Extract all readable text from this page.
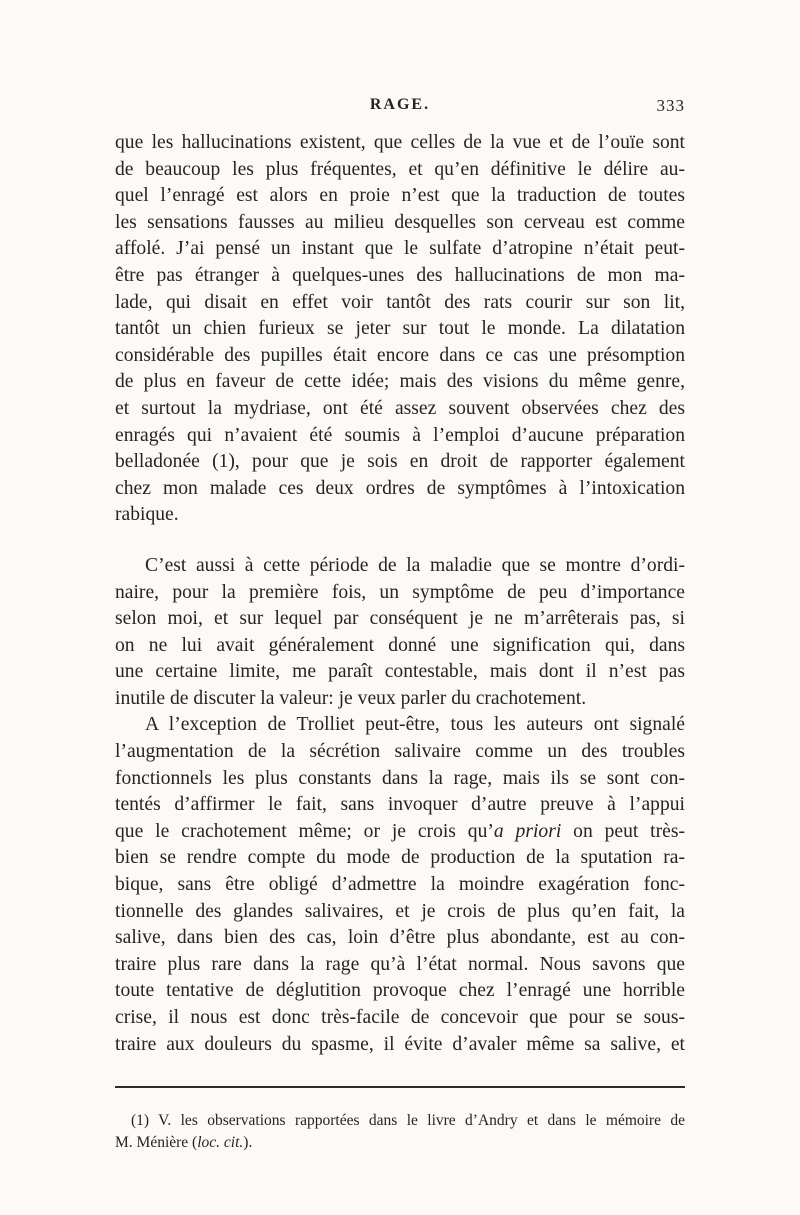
RAGE.	333
que les hallucinations existent, que celles de la vue et de l’ouïe sont
de beaucoup les plus fréquentes, et qu’en définitive le délire au-
quel l’enragé est alors en proie n’est que la traduction de toutes
les sensations fausses au milieu desquelles son cerveau est comme
affolé. J’ai pensé un instant que le sulfate d’atropine n’était peut-
être pas étranger à quelques-unes des hallucinations de mon ma-
lade, qui disait en effet voir tantôt des rats courir sur son lit,
tantôt un chien furieux se jeter sur tout le monde. La dilatation
considérable des pupilles était encore dans ce cas une présomption
de plus en faveur de cette idée; mais des visions du même genre,
et surtout la mydriase, ont été assez souvent observées chez des
enragés qui n’avaient été soumis à l’emploi d’aucune préparation
belladonée (1), pour que je sois en droit de rapporter également
chez mon malade ces deux ordres de symptômes à l’intoxication
rabique.
C’est aussi à cette période de la maladie que se montre d’ordi-
naire, pour la première fois, un symptôme de peu d’importance
selon moi, et sur lequel par conséquent je ne m’arrêterais pas, si
on ne lui avait généralement donné une signification qui, dans
une certaine limite, me paraît contestable, mais dont il n’est pas
inutile de discuter la valeur: je veux parler du crachotement.
A l’exception de Trolliet peut-être, tous les auteurs ont signalé
l’augmentation de la sécrétion salivaire comme un des troubles
fonctionnels les plus constants dans la rage, mais ils se sont con-
tentés d’affirmer le fait, sans invoquer d’autre preuve à l’appui
que le crachotement même; or je crois qu’a priori on peut très-
bien se rendre compte du mode de production de la sputation ra-
bique, sans être obligé d’admettre la moindre exagération fonc-
tionnelle des glandes salivaires, et je crois de plus qu’en fait, la
salive, dans bien des cas, loin d’être plus abondante, est au con-
traire plus rare dans la rage qu’à l’état normal. Nous savons que
toute tentative de déglutition provoque chez l’enragé une horrible
crise, il nous est donc très-facile de concevoir que pour se sous-
traire aux douleurs du spasme, il évite d’avaler même sa salive, et
(1) V. les observations rapportées dans le livre d’Andry et dans le mémoire de
M. Ménière (loc. cit.).
